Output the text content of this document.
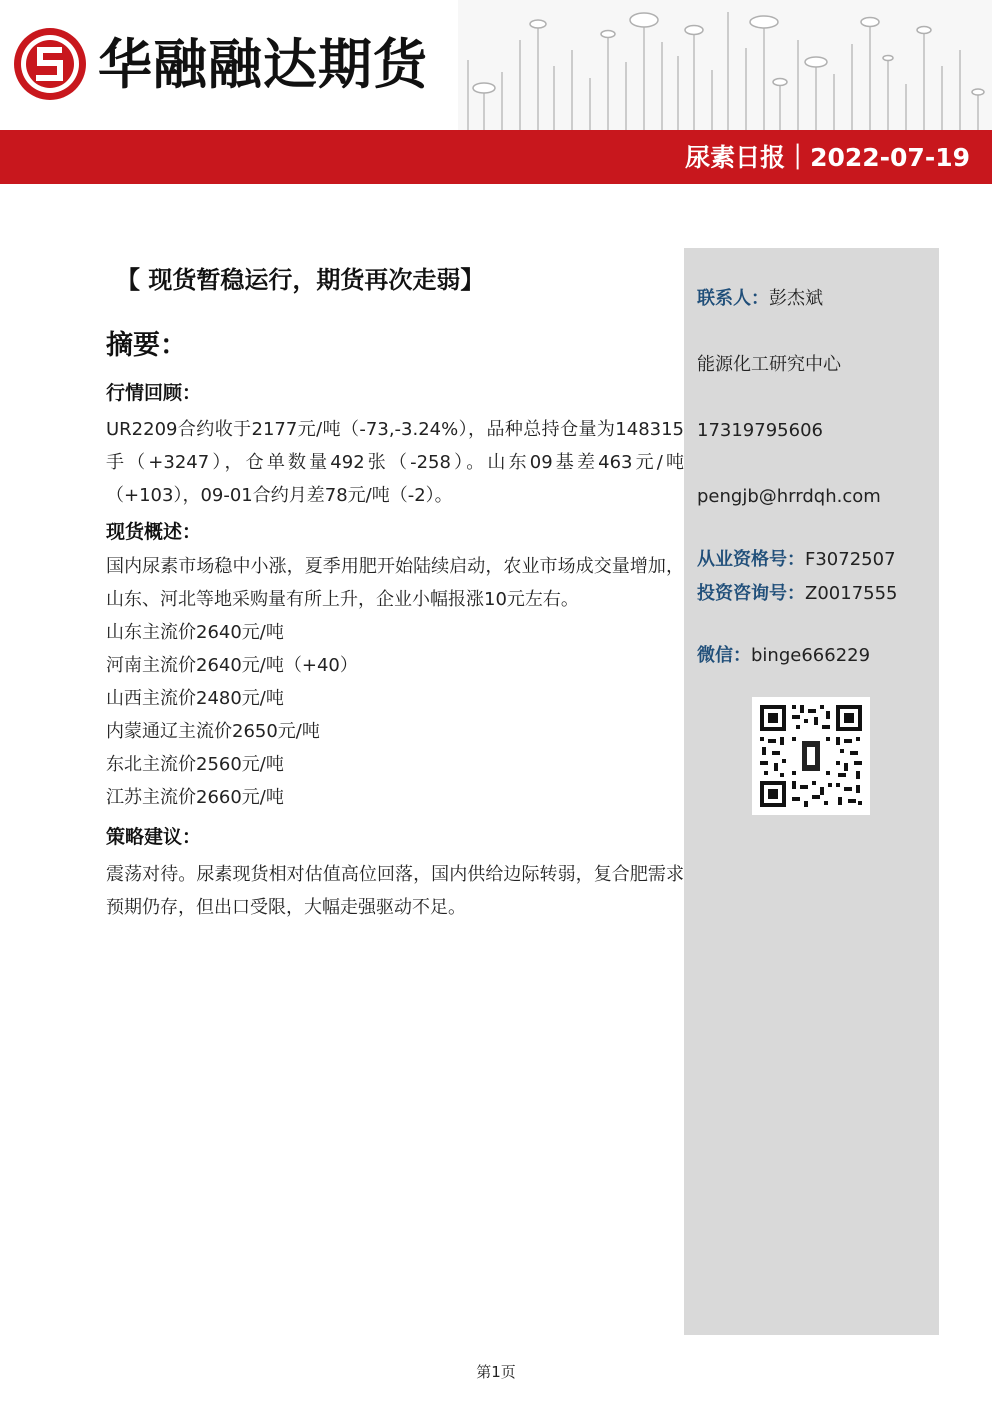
华融融达期货
尿素日报｜2022-07-19
【 现货暂稳运行，期货再次走弱】
摘要：
行情回顾：
UR2209合约收于2177元/吨（-73,-3.24%），品种总持仓量为148315手（+3247），仓单数量492张（-258）。山东09基差463元/吨（+103），09-01合约月差78元/吨（-2）。
现货概述：
国内尿素市场稳中小涨，夏季用肥开始陆续启动，农业市场成交量增加，山东、河北等地采购量有所上升，企业小幅报涨10元左右。
山东主流价2640元/吨
河南主流价2640元/吨（+40）
山西主流价2480元/吨
内蒙通辽主流价2650元/吨
东北主流价2560元/吨
江苏主流价2660元/吨
策略建议：
震荡对待。尿素现货相对估值高位回落，国内供给边际转弱，复合肥需求预期仍存，但出口受限，大幅走强驱动不足。
联系人：彭杰斌
能源化工研究中心
17319795606
pengjb@hrrdqh.com
从业资格号：F3072507
投资咨询号：Z0017555
微信：binge666229
第1页
